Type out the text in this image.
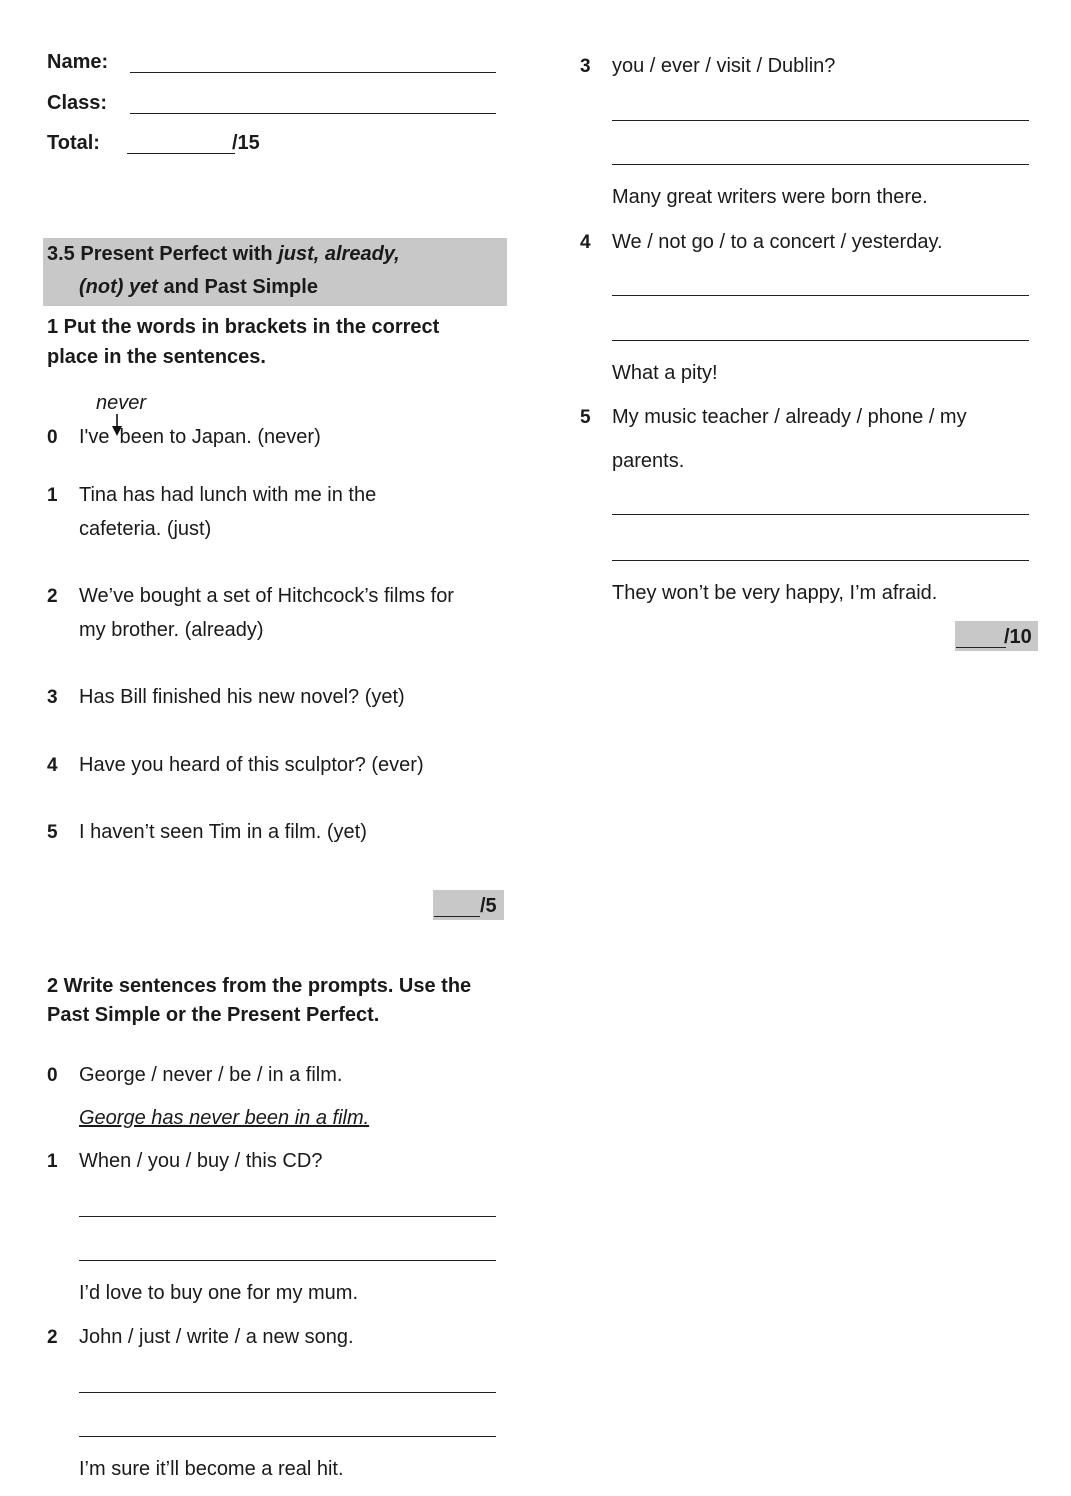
Name:
Class:
Total:	/15
3.5 Present Perfect with just, already,
(not) yet and Past Simple
1 Put the words in brackets in the correct
place in the sentences.
never
0 I've been to Japan. (never)
1 Tina has had lunch with me in the
cafeteria. (just)
2 We’ve bought a set of Hitchcock’s films for
my brother. (already)
3 Has Bill finished his new novel? (yet)
4 Have you heard of this sculptor? (ever)
5 I haven’t seen Tim in a film. (yet)
/5
2 Write sentences from the prompts. Use the
Past Simple or the Present Perfect.
0 George / never / be / in a film.
George has never been in a film.
1 When / you / buy / this CD?
I’d love to buy one for my mum.
2 John / just / write / a new song.
I’m sure it’ll become a real hit.
3 you / ever / visit / Dublin?
Many great writers were born there.
4 We / not go / to a concert / yesterday.
What a pity!
5 My music teacher / already / phone / my
parents.
They won’t be very happy, I’m afraid.
/10
